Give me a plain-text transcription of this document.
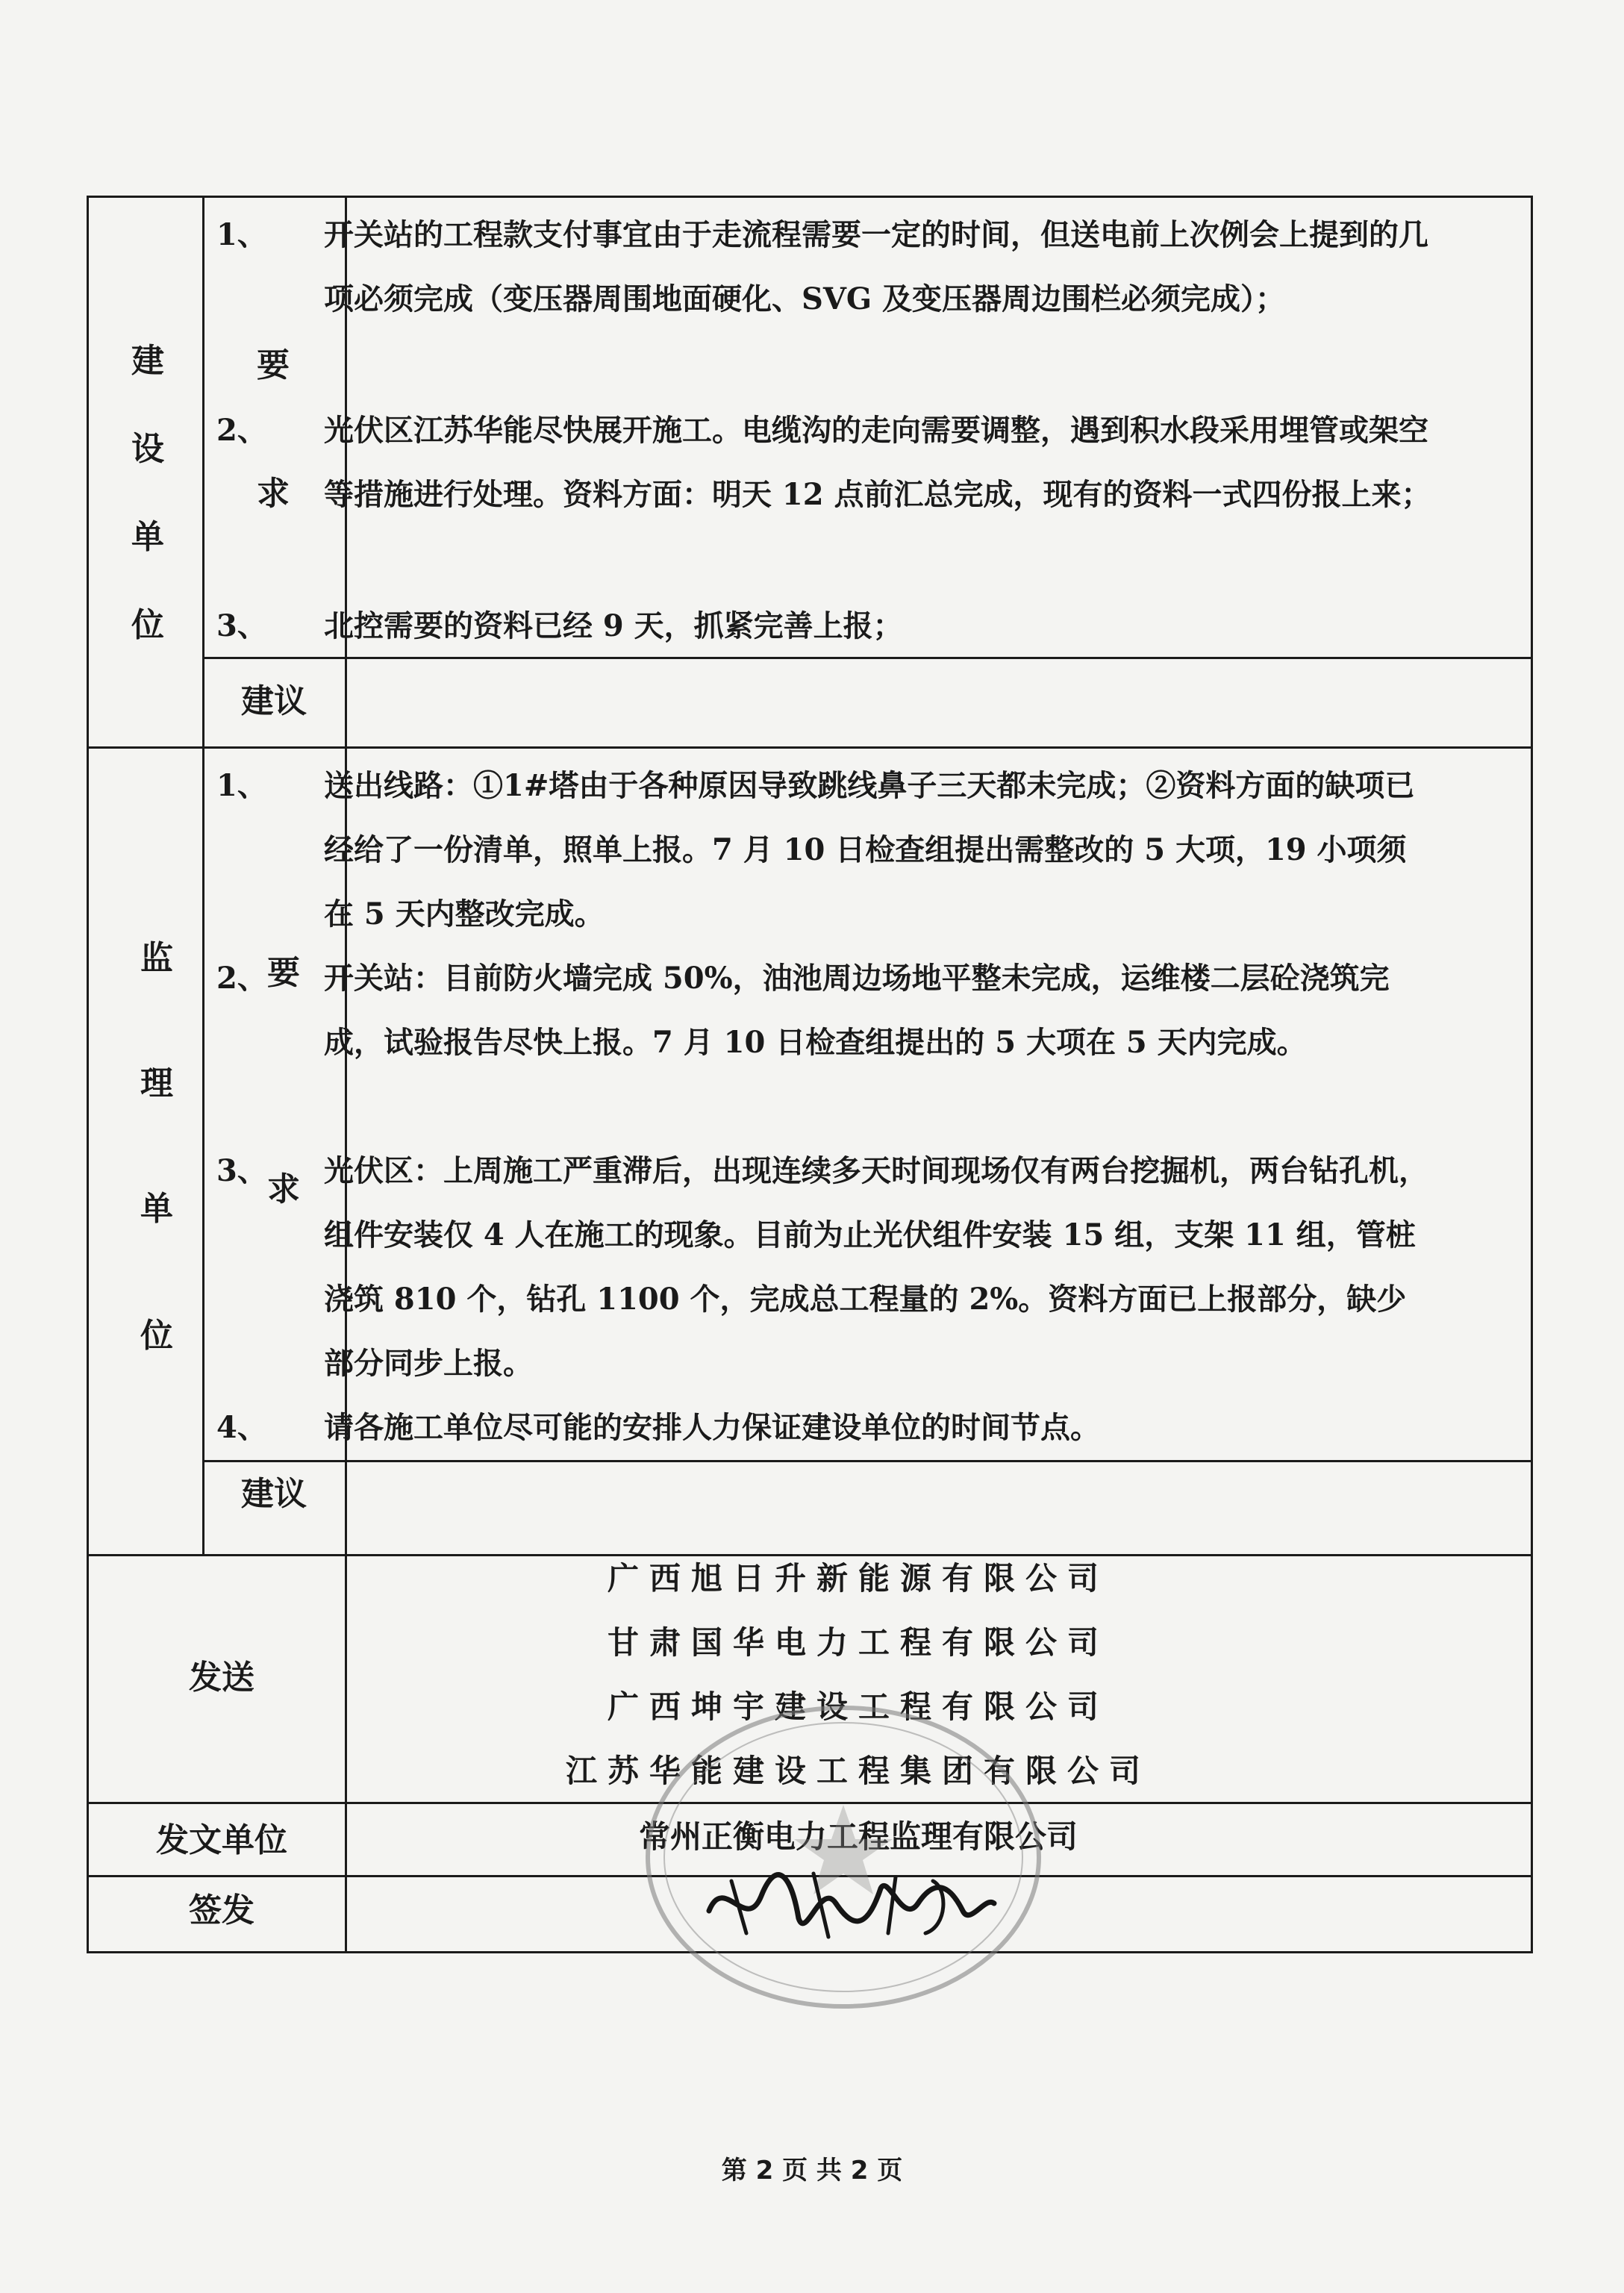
建
设
单
位
要
求
建议
1、 开关站的工程款支付事宜由于走流程需要一定的时间，但送电前上次例会上提到的几项必须完成（变压器周围地面硬化、SVG 及变压器周边围栏必须完成）；
2、 光伏区江苏华能尽快展开施工。电缆沟的走向需要调整，遇到积水段采用埋管或架空等措施进行处理。资料方面：明天 12 点前汇总完成，现有的资料一式四份报上来；
3、 北控需要的资料已经 9 天，抓紧完善上报；
监
理
单
位
要
求
建议
1、 送出线路：①1#塔由于各种原因导致跳线鼻子三天都未完成；②资料方面的缺项已经给了一份清单，照单上报。7 月 10 日检查组提出需整改的 5 大项，19 小项须在 5 天内整改完成。
2、 开关站：目前防火墙完成 50%，油池周边场地平整未完成，运维楼二层砼浇筑完成，试验报告尽快上报。7 月 10 日检查组提出的 5 大项在 5 天内完成。
3、 光伏区：上周施工严重滞后，出现连续多天时间现场仅有两台挖掘机，两台钻孔机，组件安装仅 4 人在施工的现象。目前为止光伏组件安装 15 组，支架 11 组，管桩浇筑 810 个，钻孔 1100 个，完成总工程量的 2%。资料方面已上报部分，缺少部分同步上报。
4、 请各施工单位尽可能的安排人力保证建设单位的时间节点。
发送
广西旭日升新能源有限公司
甘肃国华电力工程有限公司
广西坤宇建设工程有限公司
江苏华能建设工程集团有限公司
发文单位	常州正衡电力工程监理有限公司
签发
第 2 页 共 2 页
